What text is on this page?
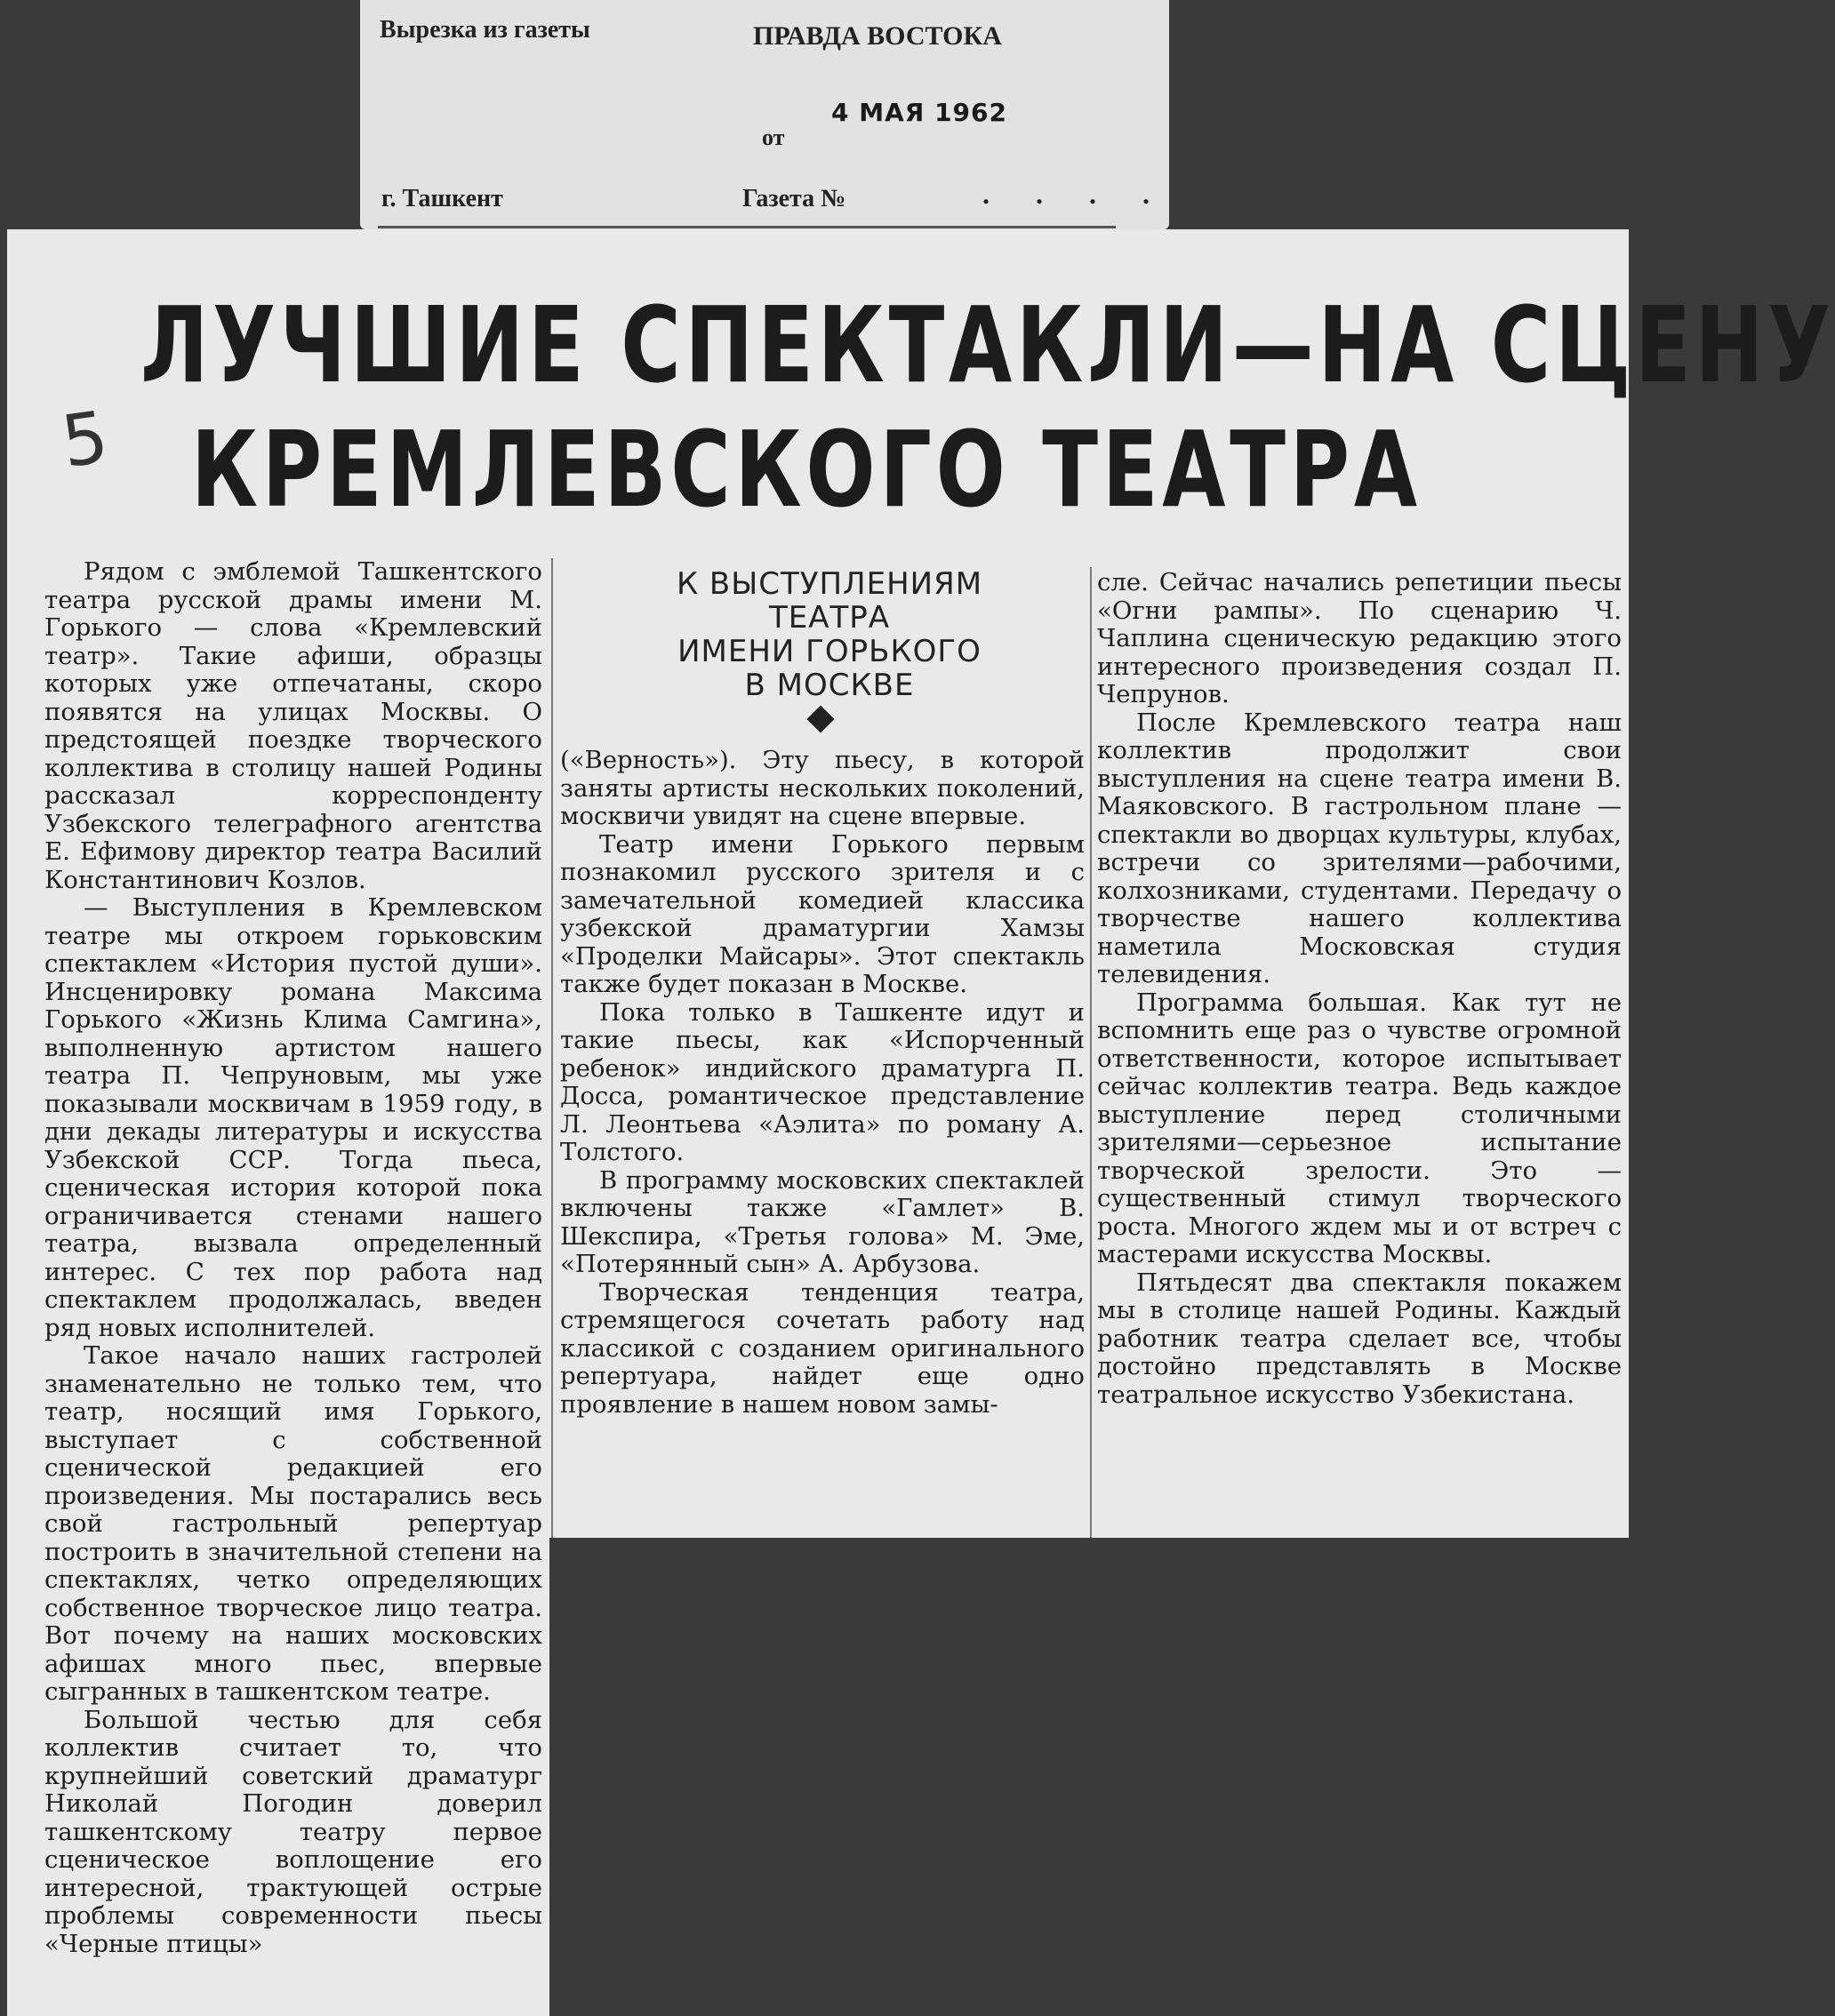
Вырезка из газеты	ПРАВДА ВОСТОКА
от
4 МАЯ 1962
г. Ташкент	Газета №	. . . .
5
ЛУЧШИЕ СПЕКТАКЛИ—НА СЦЕНУ
КРЕМЛЕВСКОГО ТЕАТРА

Рядом с эмблемой Ташкентского театра русской драмы имени М. Горького — слова «Кремлевский театр». Такие афиши, образцы которых уже отпечатаны, скоро появятся на улицах Москвы. О предстоящей поездке творческого коллектива в столицу нашей Родины рассказал корреспонденту Узбекского телеграфного агентства Е. Ефимову директор театра Василий Константинович Козлов.

— Выступления в Кремлевском театре мы откроем горьковским спектаклем «История пустой души». Инсценировку романа Максима Горького «Жизнь Клима Самгина», выполненную артистом нашего театра П. Чепруновым, мы уже показывали москвичам в 1959 году, в дни декады литературы и искусства Узбекской ССР. Тогда пьеса, сценическая история которой пока ограничивается стенами нашего театра, вызвала определенный интерес. С тех пор работа над спектаклем продолжалась, введен ряд новых исполнителей.

Такое начало наших гастролей знаменательно не только тем, что театр, носящий имя Горького, выступает с собственной сценической редакцией его произведения. Мы постарались весь свой гастрольный репертуар построить в значительной степени на спектаклях, четко определяющих собственное творческое лицо театра. Вот почему на наших московских афишах много пьес, впервые сыгранных в ташкентском театре.

Большой честью для себя коллектив считает то, что крупнейший советский драматург Николай Погодин доверил ташкентскому театру первое сценическое воплощение его интересной, трактующей острые проблемы современности пьесы «Черные птицы»

К ВЫСТУПЛЕНИЯМ
ТЕАТРА
ИМЕНИ ГОРЬКОГО
В МОСКВЕ

(«Верность»). Эту пьесу, в которой заняты артисты нескольких поколений, москвичи увидят на сцене впервые.

Театр имени Горького первым познакомил русского зрителя и с замечательной комедией классика узбекской драматургии Хамзы «Проделки Майсары». Этот спектакль также будет показан в Москве.

Пока только в Ташкенте идут и такие пьесы, как «Испорченный ребенок» индийского драматурга П. Досса, романтическое представление Л. Леонтьева «Аэлита» по роману А. Толстого.

В программу московских спектаклей включены также «Гамлет» В. Шекспира, «Третья голова» М. Эме, «Потерянный сын» А. Арбузова.

Творческая тенденция театра, стремящегося сочетать работу над классикой с созданием оригинального репертуара, найдет еще одно проявление в нашем новом замы-

сле. Сейчас начались репетиции пьесы «Огни рампы». По сценарию Ч. Чаплина сценическую редакцию этого интересного произведения создал П. Чепрунов.

После Кремлевского театра наш коллектив продолжит свои выступления на сцене театра имени В. Маяковского. В гастрольном плане — спектакли во дворцах культуры, клубах, встречи со зрителями—рабочими, колхозниками, студентами. Передачу о творчестве нашего коллектива наметила Московская студия телевидения.

Программа большая. Как тут не вспомнить еще раз о чувстве огромной ответственности, которое испытывает сейчас коллектив театра. Ведь каждое выступление перед столичными зрителями—серьезное испытание творческой зрелости. Это — существенный стимул творческого роста. Многого ждем мы и от встреч с мастерами искусства Москвы.

Пятьдесят два спектакля покажем мы в столице нашей Родины. Каждый работник театра сделает все, чтобы достойно представлять в Москве театральное искусство Узбекистана.
